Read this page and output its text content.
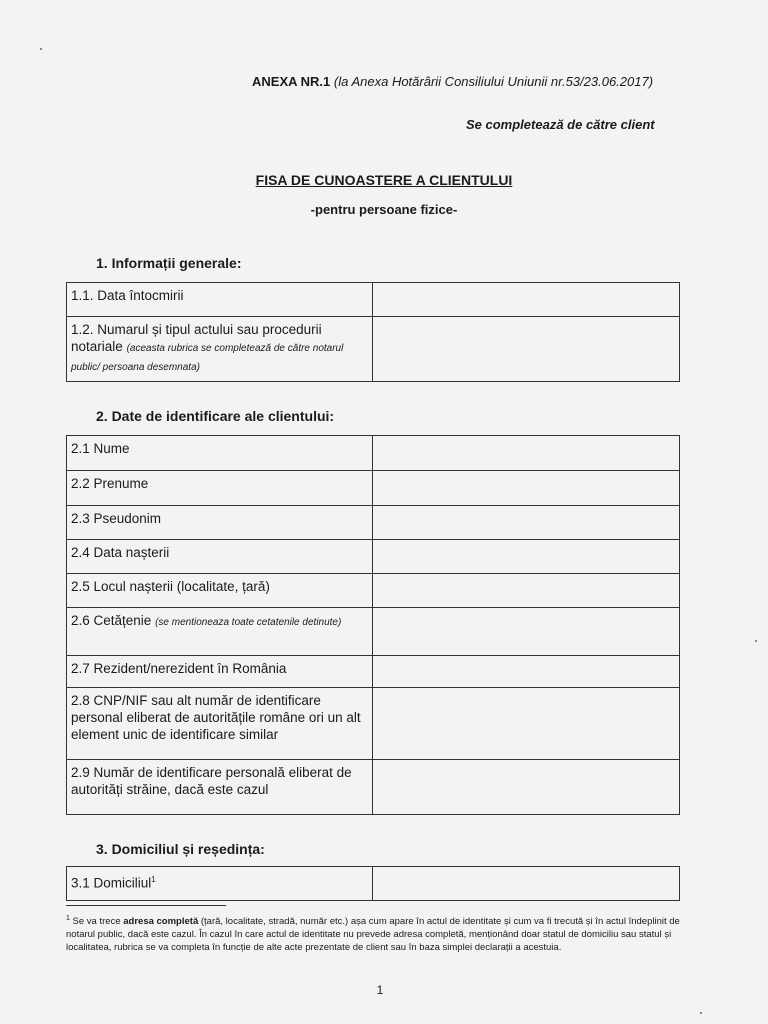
ANEXA NR.1 (la Anexa Hotărârii Consiliului Uniunii nr.53/23.06.2017)
Se completează de către client
FISA DE CUNOASTERE A CLIENTULUI
-pentru persoane fizice-
1. Informații generale:
1.1. Data întocmirii	
1.2. Numarul și tipul actului sau procedurii notariale (aceasta rubrica se completează de către notarul public/ persoana desemnata)	
2. Date de identificare ale clientului:
2.1 Nume	
2.2 Prenume	
2.3 Pseudonim	
2.4 Data nașterii	
2.5 Locul nașterii (localitate, țară)	
2.6 Cetățenie (se mentioneaza toate cetatenile detinute)	
2.7 Rezident/nerezident în România	
2.8 CNP/NIF sau alt număr de identificare personal eliberat de autoritățile române ori un alt element unic de identificare similar	
2.9 Număr de identificare personală eliberat de autorități străine, dacă este cazul	
3. Domiciliul și reședința:
3.1 Domiciliul$^1$	
$^1$ Se va trece adresa completă (țară, localitate, stradă, număr etc.) așa cum apare în actul de identitate și cum va fi trecută și în actul îndeplinit de notarul public, dacă este cazul. În cazul în care actul de identitate nu prevede adresa completă, menționând doar statul de domiciliu sau statul și localitatea, rubrica se va completa în funcție de alte acte prezentate de client sau în baza simplei declarații a acestuia.
1
